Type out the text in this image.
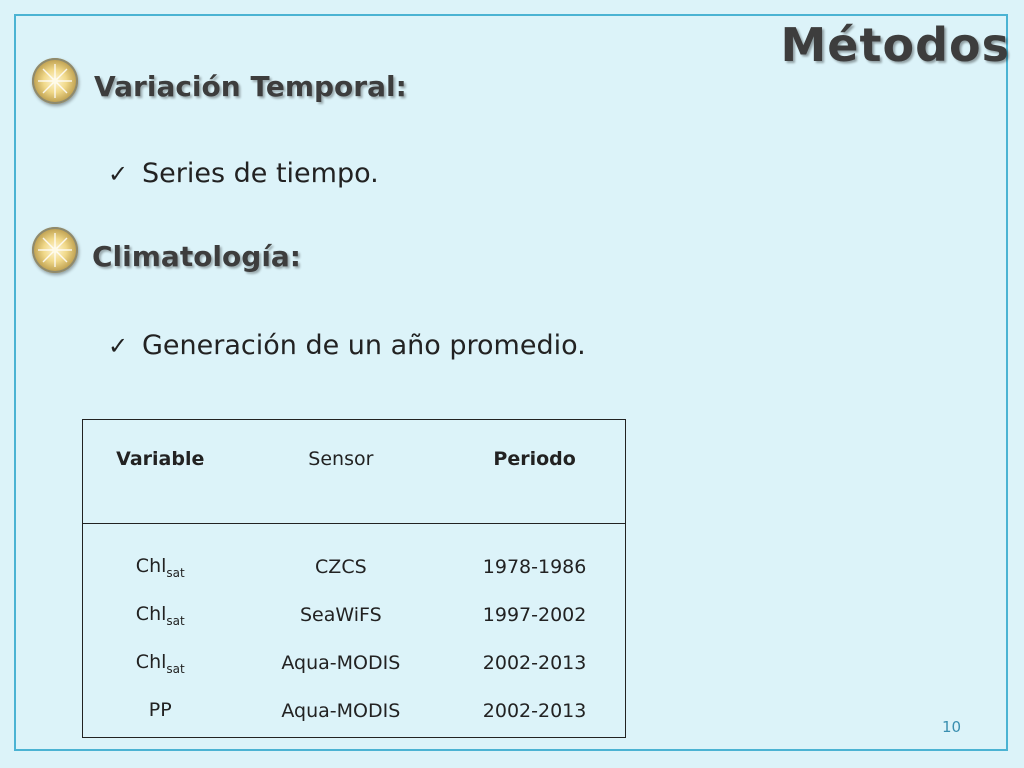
Métodos
Variación Temporal:
✓ Series de tiempo.
Climatología:
✓ Generación de un año promedio.
Variable	Sensor	Periodo
Chl$_{sat}$	CZCS	1978-1986
Chl$_{sat}$	SeaWiFS	1997-2002
Chl$_{sat}$	Aqua-MODIS	2002-2013
PP	Aqua-MODIS	2002-2013

10
